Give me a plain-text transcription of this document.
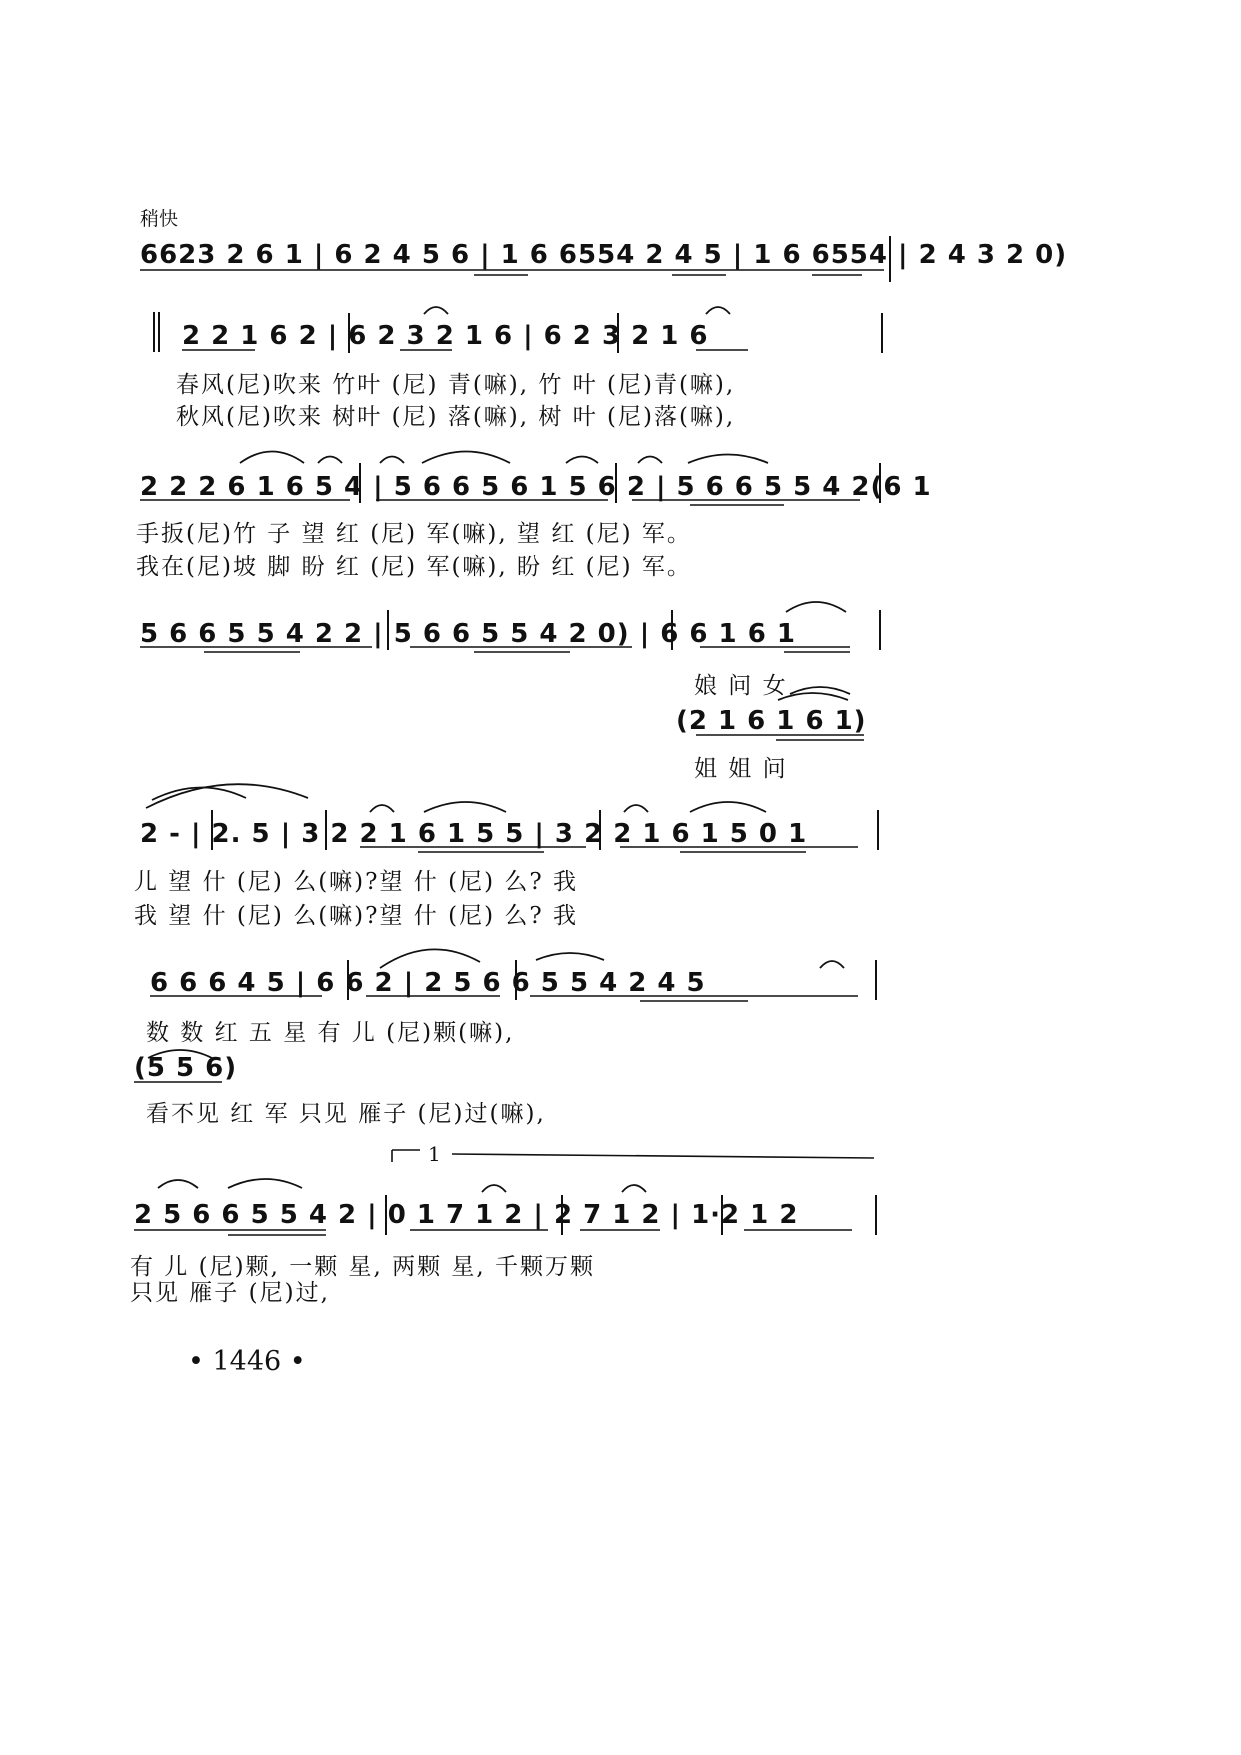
稍快
6623 2 6 1 | 6 2 4 5 6 | 1 6 6554 2 4 5 | 1 6 6554 | 2 4 3 2 0)
2 2 1 6 2 | 6 2 3 2 1 6 | 6 2 3 2 1 6
春风(尼)吹来 竹叶 (尼) 青(嘛), 竹 叶 (尼)青(嘛),
秋风(尼)吹来 树叶 (尼) 落(嘛), 树 叶 (尼)落(嘛),
2 2 2 6 1 6 5 4 | 5 6 6 5 6 1 5 6 2 | 5 6 6 5 5 4 2(6 1
手扳(尼)竹 子 望 红 (尼) 军(嘛), 望 红 (尼) 军。
我在(尼)坡 脚 盼 红 (尼) 军(嘛), 盼 红 (尼) 军。
5 6 6 5 5 4 2 2 | 5 6 6 5 5 4 2 0) | 6 6 1 6 1
娘 问 女
(2 1 6 1 6 1)
姐 姐 问
2 - | 2. 5 | 3 2 2 1 6 1 5 5 | 3 2 2 1 6 1 5 0 1
儿 望 什 (尼) 么(嘛)?望 什 (尼) 么? 我
我 望 什 (尼) 么(嘛)?望 什 (尼) 么? 我
6 6 6 4 5 | 6 6 2 | 2 5 6 6 5 5 4 2 4 5
数 数 红 五 星 有 儿 (尼)颗(嘛),
(5 5 6)
看不见 红 军 只见 雁子 (尼)过(嘛),
1
2 5 6 6 5 5 4 2 | 0 1 7 1 2 | 2 7 1 2 | 1·2 1 2
有 儿 (尼)颗, 一颗 星, 两颗 星, 千颗万颗
只见 雁子 (尼)过,
• 1446 •
